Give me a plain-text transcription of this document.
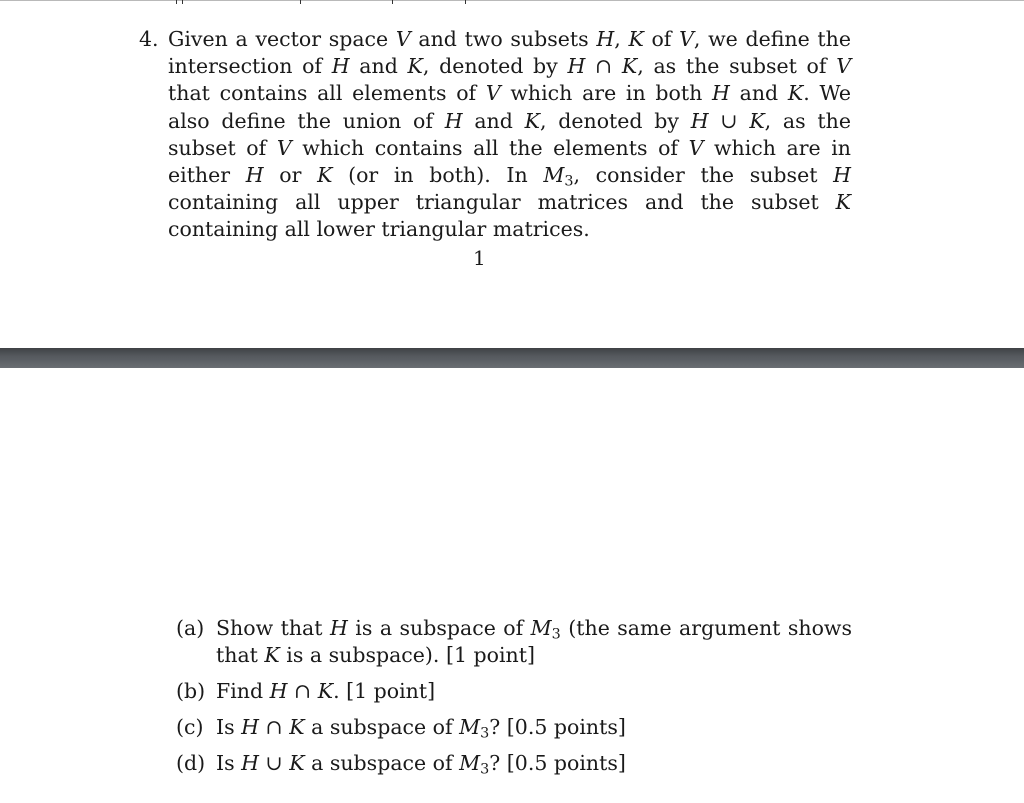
4. Given a vector space V and two subsets H, K of V, we define the intersection of H and K, denoted by H ∩ K, as the subset of V that contains all elements of V which are in both H and K. We also define the union of H and K, denoted by H ∪ K, as the subset of V which contains all the elements of V which are in either H or K (or in both). In $M_3$, consider the subset H containing all upper triangular matrices and the subset K containing all lower triangular matrices.
1
(a) Show that H is a subspace of $M_3$ (the same argument shows that K is a subspace). [1 point]
(b) Find H ∩ K. [1 point]
(c) Is H ∩ K a subspace of $M_3$? [0.5 points]
(d) Is H ∪ K a subspace of $M_3$? [0.5 points]
